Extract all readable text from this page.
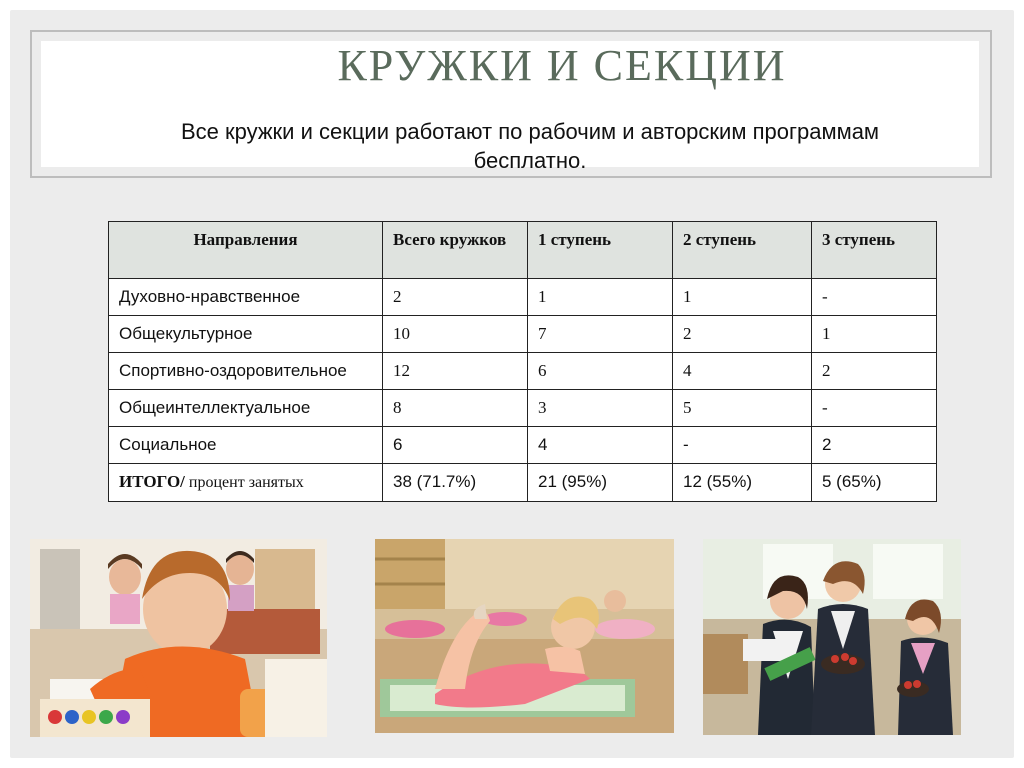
КРУЖКИ И СЕКЦИИ
Все кружки и секции работают по рабочим и авторским программам бесплатно.
Направления	Всего кружков	1 ступень	2 ступень	3 ступень
Духовно-нравственное	2	1	1	-
Общекультурное	10	7	2	1
Спортивно-оздоровительное	12	6	4	2
Общеинтеллектуальное	8	3	5	-
Социальное	6	4	-	2
ИТОГО/ процент занятых	38 (71.7%)	21 (95%)	12 (55%)	5 (65%)
